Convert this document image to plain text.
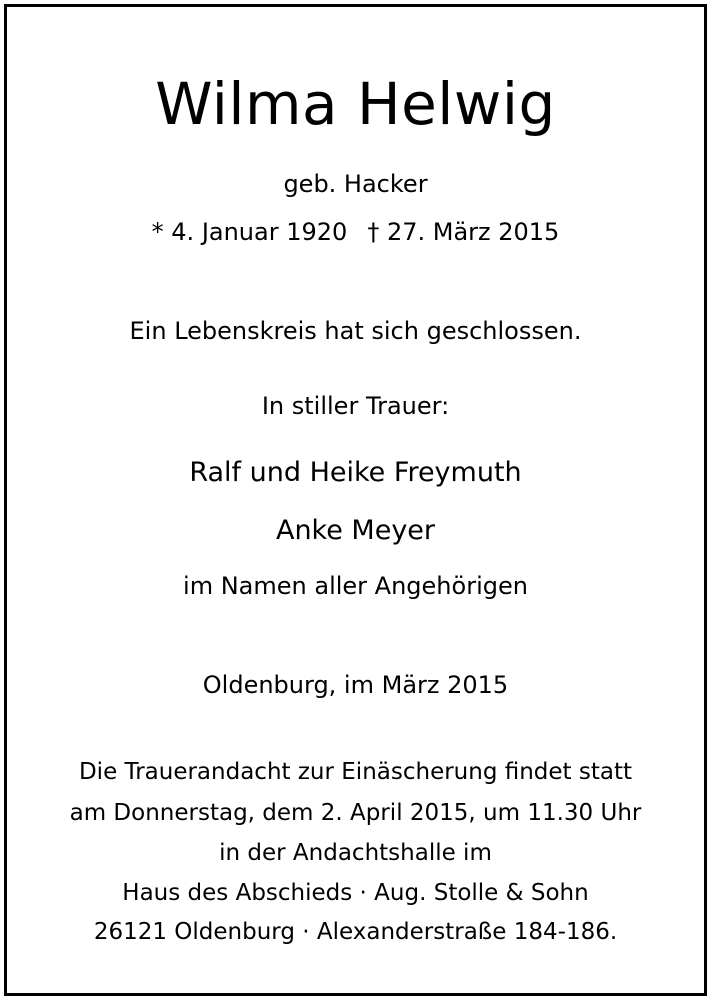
Wilma Helwig
geb. Hacker
* 4. Januar 1920 † 27. März 2015
Ein Lebenskreis hat sich geschlossen.
In stiller Trauer:
Ralf und Heike Freymuth
Anke Meyer
im Namen aller Angehörigen
Oldenburg, im März 2015
Die Trauerandacht zur Einäscherung findet statt
am Donnerstag, dem 2. April 2015, um 11.30 Uhr
in der Andachtshalle im
Haus des Abschieds · Aug. Stolle & Sohn
26121 Oldenburg · Alexanderstraße 184-186.
